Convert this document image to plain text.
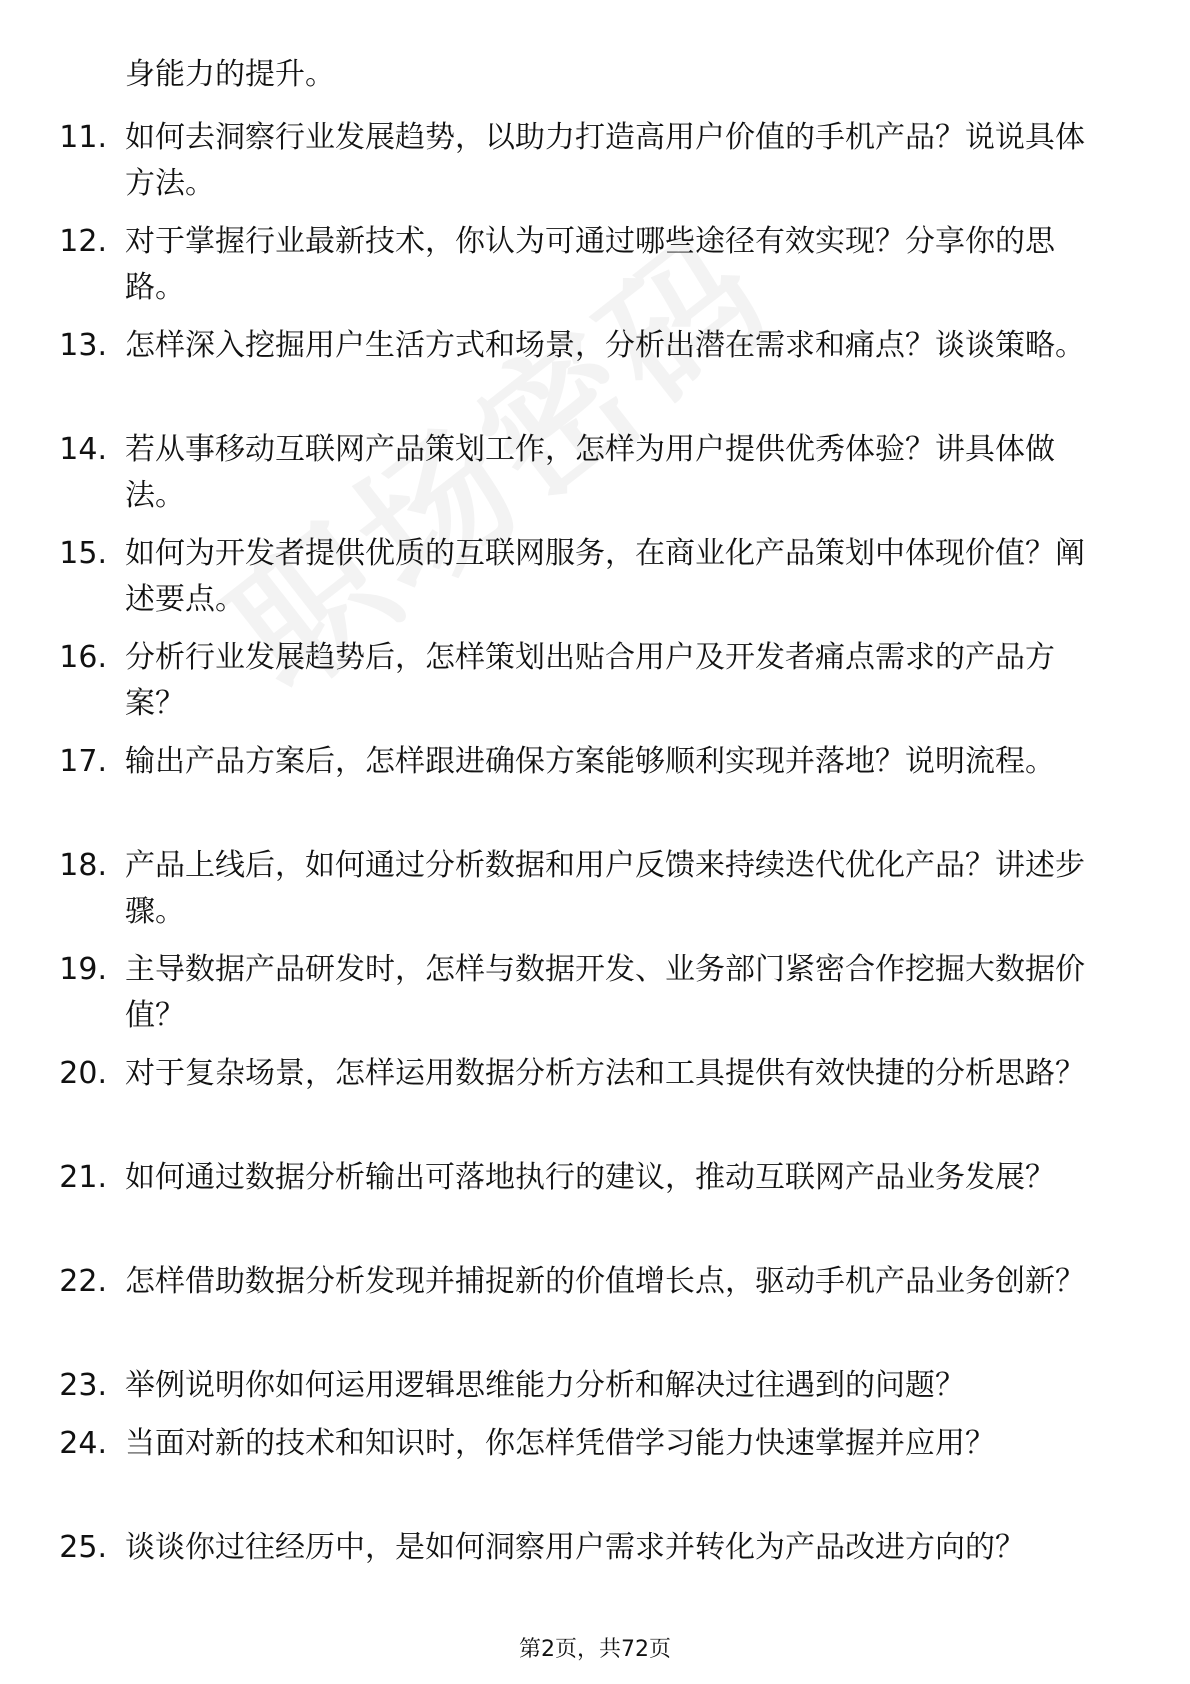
身能力的提升。
11. 如何去洞察行业发展趋势，以助力打造高用户价值的手机产品？说说具体方法。
12. 对于掌握行业最新技术，你认为可通过哪些途径有效实现？分享你的思路。
13. 怎样深入挖掘用户生活方式和场景，分析出潜在需求和痛点？谈谈策略。
14. 若从事移动互联网产品策划工作，怎样为用户提供优秀体验？讲具体做法。
15. 如何为开发者提供优质的互联网服务，在商业化产品策划中体现价值？阐述要点。
16. 分析行业发展趋势后，怎样策划出贴合用户及开发者痛点需求的产品方案？
17. 输出产品方案后，怎样跟进确保方案能够顺利实现并落地？说明流程。
18. 产品上线后，如何通过分析数据和用户反馈来持续迭代优化产品？讲述步骤。
19. 主导数据产品研发时，怎样与数据开发、业务部门紧密合作挖掘大数据价值？
20. 对于复杂场景，怎样运用数据分析方法和工具提供有效快捷的分析思路？
21. 如何通过数据分析输出可落地执行的建议，推动互联网产品业务发展？
22. 怎样借助数据分析发现并捕捉新的价值增长点，驱动手机产品业务创新？
23. 举例说明你如何运用逻辑思维能力分析和解决过往遇到的问题？
24. 当面对新的技术和知识时，你怎样凭借学习能力快速掌握并应用？
25. 谈谈你过往经历中，是如何洞察用户需求并转化为产品改进方向的？
第2页，共72页
